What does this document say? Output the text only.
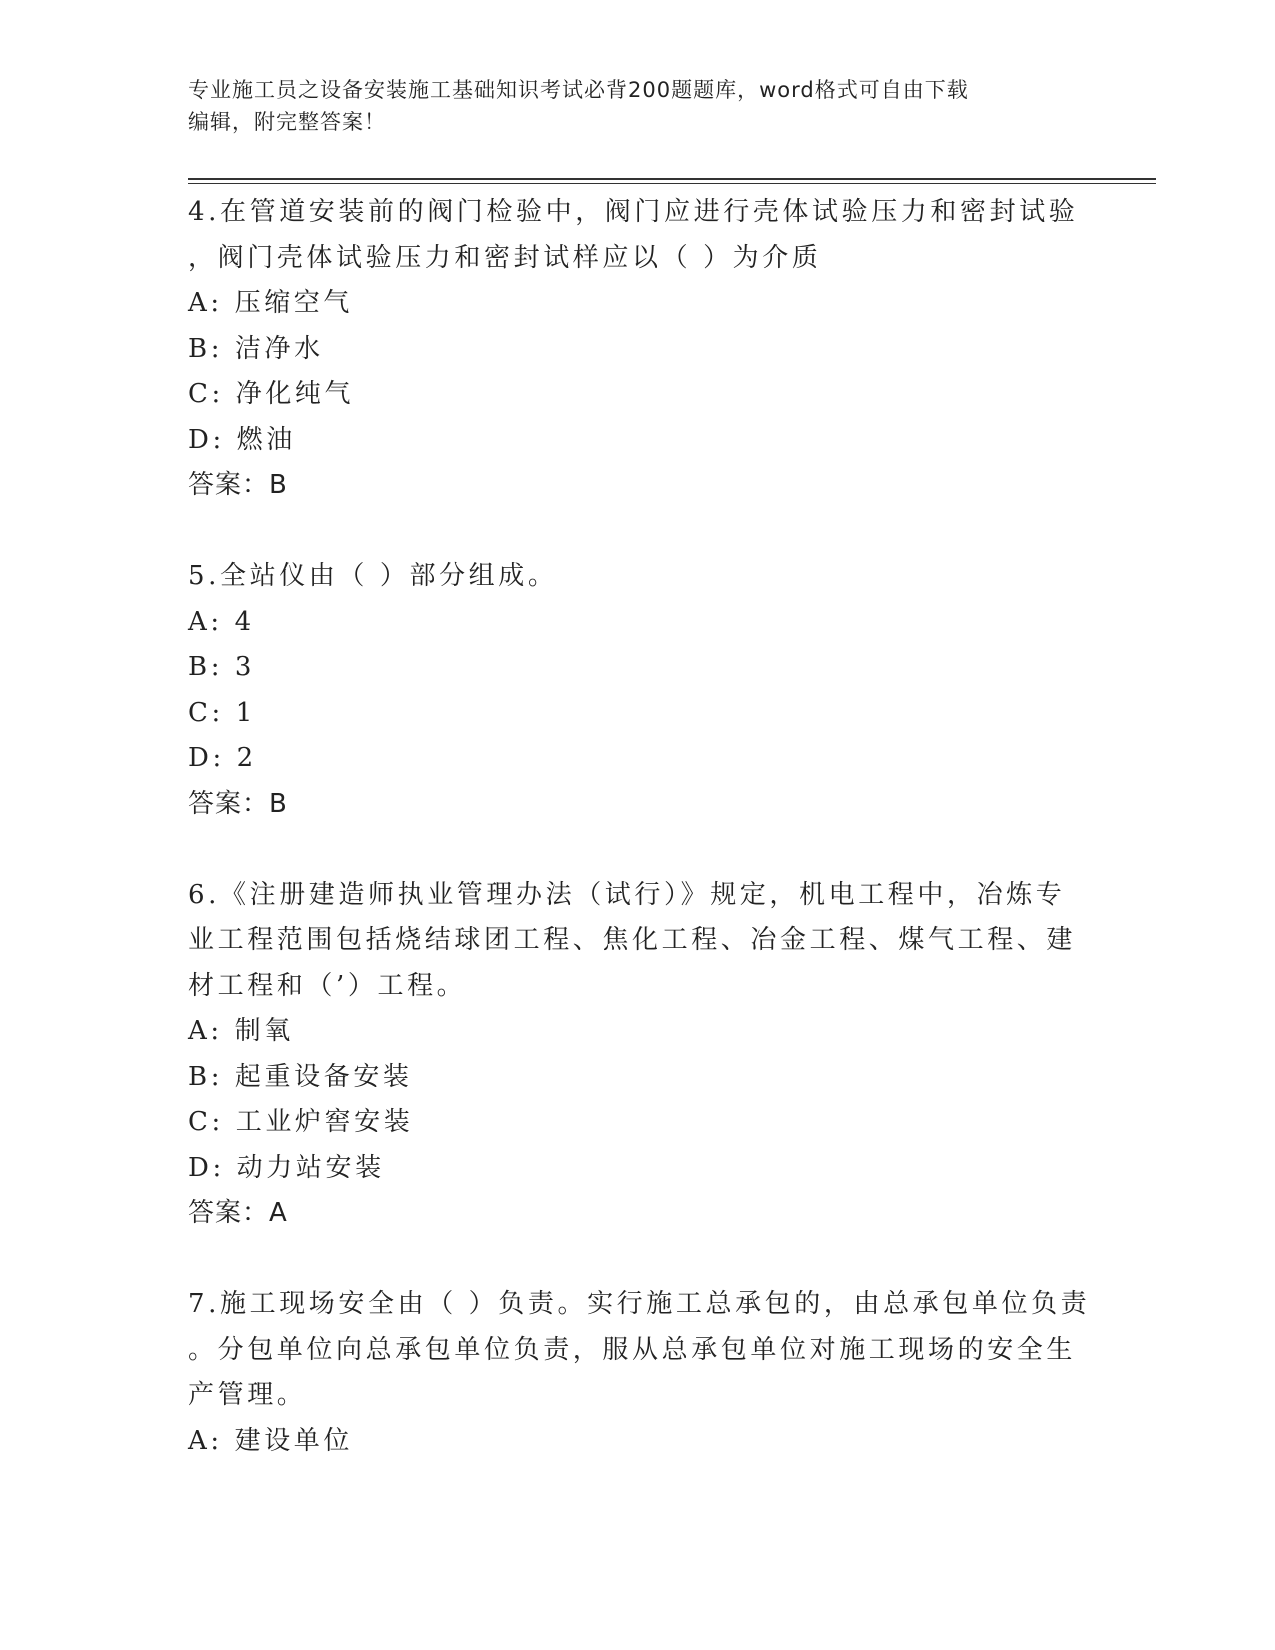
专业施工员之设备安装施工基础知识考试必背200题题库，word格式可自由下载

编辑，附完整答案！

4.在管道安装前的阀门检验中，阀门应进行壳体试验压力和密封试验

，阀门壳体试验压力和密封试样应以（ ）为介质

A: 压缩空气

B: 洁净水

C: 净化纯气

D: 燃油

答案：B

5.全站仪由（ ）部分组成。

A: 4

B: 3

C: 1

D: 2

答案：B

6.《注册建造师执业管理办法（试行）》规定，机电工程中，冶炼专

业工程范围包括烧结球团工程、焦化工程、冶金工程、煤气工程、建

材工程和（’）工程。

A: 制氧

B: 起重设备安装

C: 工业炉窖安装

D: 动力站安装

答案：A

7.施工现场安全由（ ）负责。实行施工总承包的，由总承包单位负责

。分包单位向总承包单位负责，服从总承包单位对施工现场的安全生

产管理。

A: 建设单位
